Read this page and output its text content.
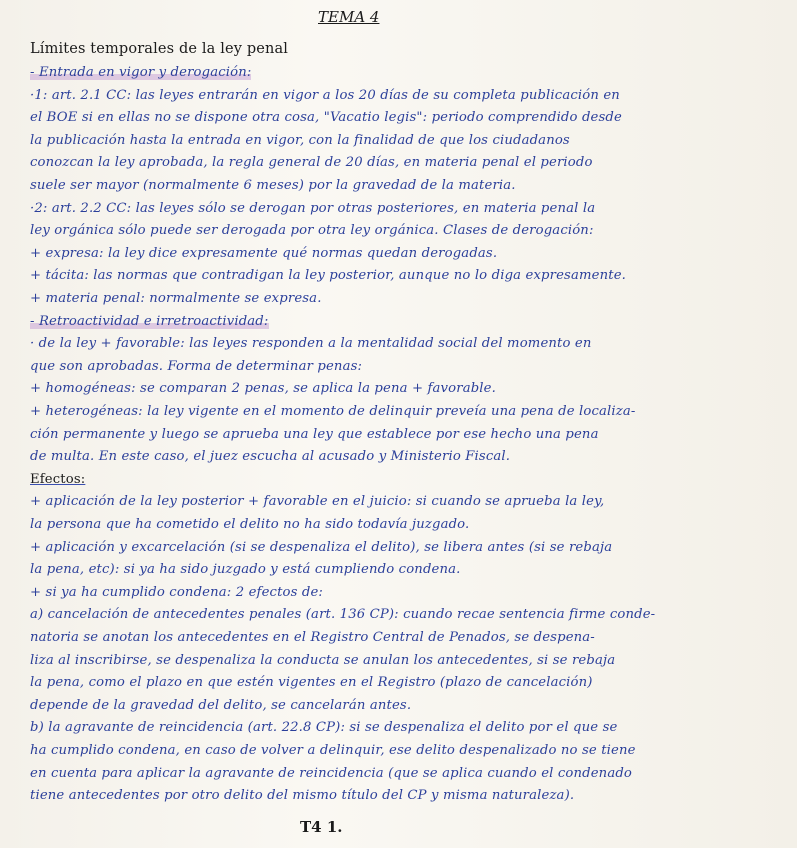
TEMA 4
Límites temporales de la ley penal
- Entrada en vigor y derogación:
·1: art. 2.1 CC: las leyes entrarán en vigor a los 20 días de su completa publicación en
el BOE si en ellas no se dispone otra cosa, "Vacatio legis": periodo comprendido desde
la publicación hasta la entrada en vigor, con la finalidad de que los ciudadanos
conozcan la ley aprobada, la regla general de 20 días, en materia penal el periodo
suele ser mayor (normalmente 6 meses) por la gravedad de la materia.
·2: art. 2.2 CC: las leyes sólo se derogan por otras posteriores, en materia penal la
ley orgánica sólo puede ser derogada por otra ley orgánica. Clases de derogación:
+ expresa: la ley dice expresamente qué normas quedan derogadas.
+ tácita: las normas que contradigan la ley posterior, aunque no lo diga expresamente.
+ materia penal: normalmente se expresa.
- Retroactividad e irretroactividad:
· de la ley + favorable: las leyes responden a la mentalidad social del momento en
que son aprobadas. Forma de determinar penas:
+ homogéneas: se comparan 2 penas, se aplica la pena + favorable.
+ heterogéneas: la ley vigente en el momento de delinquir preveía una pena de localiza-
ción permanente y luego se aprueba una ley que establece por ese hecho una pena
de multa. En este caso, el juez escucha al acusado y Ministerio Fiscal.
Efectos:
+ aplicación de la ley posterior + favorable en el juicio: si cuando se aprueba la ley,
la persona que ha cometido el delito no ha sido todavía juzgado.
+ aplicación y excarcelación (si se despenaliza el delito), se libera antes (si se rebaja
la pena, etc): si ya ha sido juzgado y está cumpliendo condena.
+ si ya ha cumplido condena: 2 efectos de:
a) cancelación de antecedentes penales (art. 136 CP): cuando recae sentencia firme conde-
natoria se anotan los antecedentes en el Registro Central de Penados, se despena-
liza al inscribirse, se despenaliza la conducta se anulan los antecedentes, si se rebaja
la pena, como el plazo en que estén vigentes en el Registro (plazo de cancelación)
depende de la gravedad del delito, se cancelarán antes.
b) la agravante de reincidencia (art. 22.8 CP): si se despenaliza el delito por el que se
ha cumplido condena, en caso de volver a delinquir, ese delito despenalizado no se tiene
en cuenta para aplicar la agravante de reincidencia (que se aplica cuando el condenado
tiene antecedentes por otro delito del mismo título del CP y misma naturaleza).
T4 1.
